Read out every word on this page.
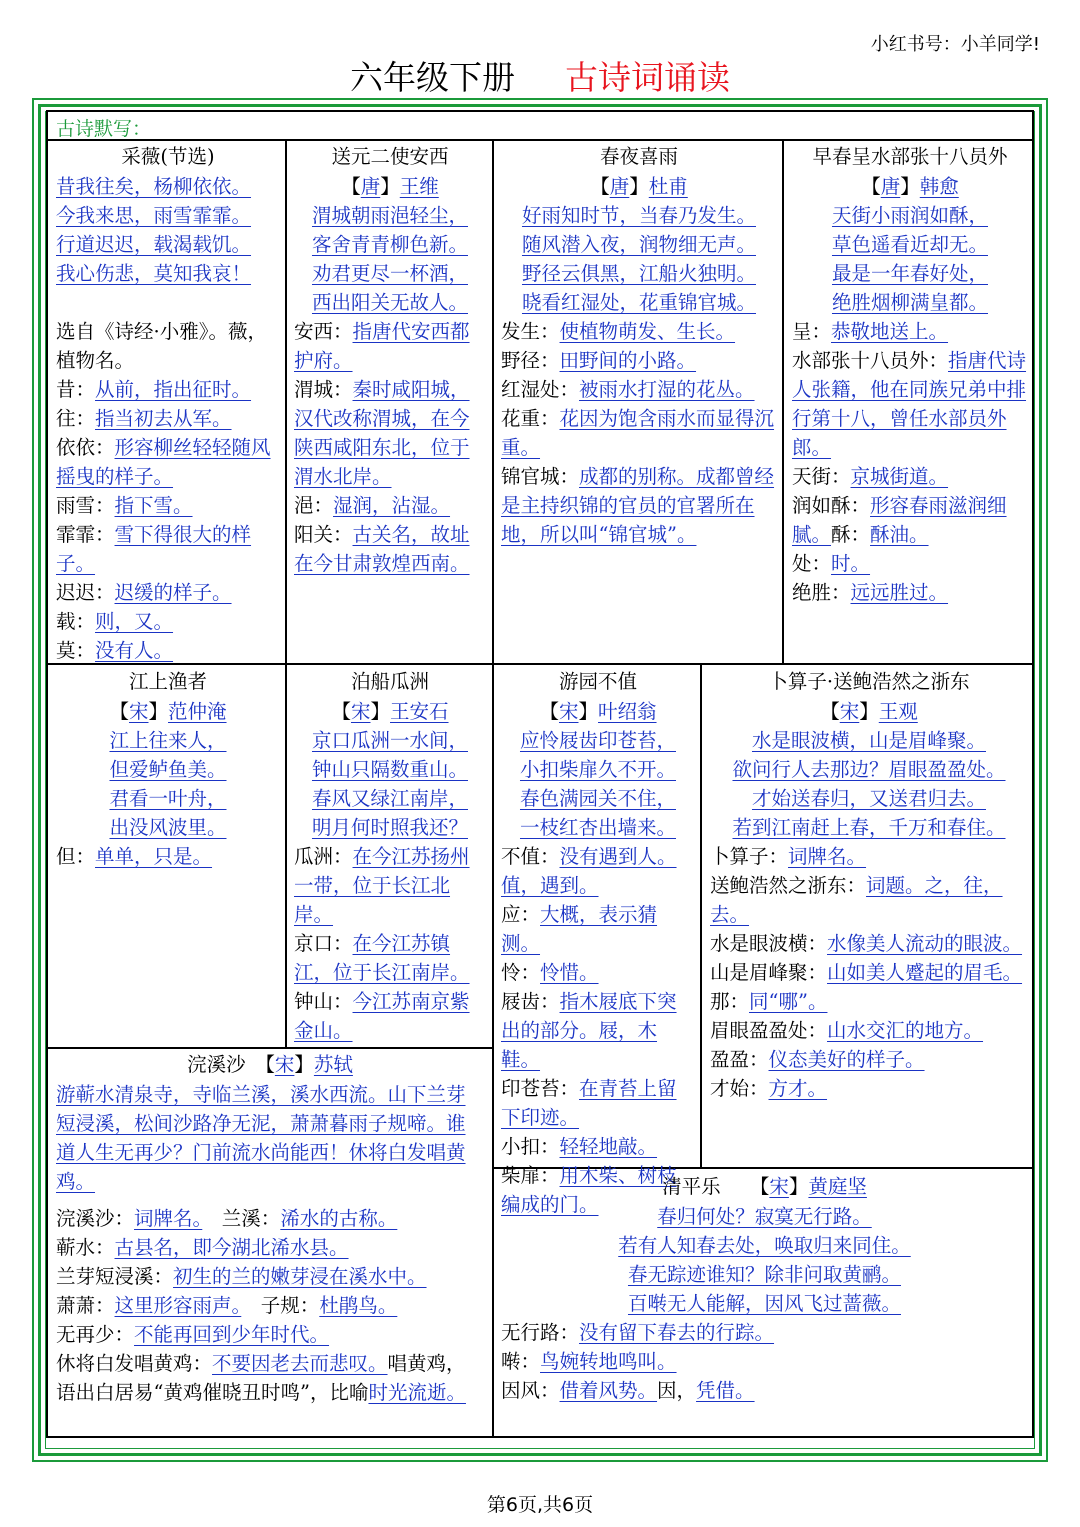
小红书号：小羊同学!
六年级下册 古诗词诵读
古诗默写：
采薇(节选)
昔我往矣，杨柳依依。
今我来思，雨雪霏霏。
行道迟迟，载渴载饥。
我心伤悲，莫知我哀！
选自《诗经·小雅》。薇，植物名。
昔：从前，指出征时。
往：指当初去从军。
依依：形容柳丝轻轻随风摇曳的样子。
雨雪：指下雪。
霏霏：雪下得很大的样子。
迟迟：迟缓的样子。
载：则，又。
莫：没有人。
送元二使安西
【唐】王维
渭城朝雨浥轻尘，
客舍青青柳色新。
劝君更尽一杯酒，
西出阳关无故人。
安西：指唐代安西都护府。
渭城：秦时咸阳城，汉代改称渭城，在今陕西咸阳东北，位于渭水北岸。
浥：湿润，沾湿。
阳关：古关名，故址在今甘肃敦煌西南。
春夜喜雨
【唐】杜甫
好雨知时节，当春乃发生。
随风潜入夜，润物细无声。
野径云俱黑，江船火独明。
晓看红湿处，花重锦官城。
发生：使植物萌发、生长。
野径：田野间的小路。
红湿处：被雨水打湿的花丛。
花重：花因为饱含雨水而显得沉重。
锦官城：成都的别称。成都曾经是主持织锦的官员的官署所在地，所以叫“锦官城”。
早春呈水部张十八员外
【唐】韩愈
天街小雨润如酥，
草色遥看近却无。
最是一年春好处，
绝胜烟柳满皇都。
呈：恭敬地送上。
水部张十八员外：指唐代诗人张籍，他在同族兄弟中排行第十八，曾任水部员外郎。
天街：京城街道。
润如酥：形容春雨滋润细腻。酥：酥油。
处：时。
绝胜：远远胜过。
江上渔者
【宋】范仲淹
江上往来人，
但爱鲈鱼美。
君看一叶舟，
出没风波里。
但：单单，只是。
泊船瓜洲
【宋】王安石
京口瓜洲一水间，
钟山只隔数重山。
春风又绿江南岸，
明月何时照我还？
瓜洲：在今江苏扬州一带，位于长江北岸。
京口：在今江苏镇江，位于长江南岸。
钟山：今江苏南京紫金山。
游园不值
【宋】叶绍翁
应怜屐齿印苍苔，
小扣柴扉久不开。
春色满园关不住，
一枝红杏出墙来。
不值：没有遇到人。值，遇到。
应：大概，表示猜测。
怜：怜惜。
屐齿：指木屐底下突出的部分。屐，木鞋。
印苍苔：在青苔上留下印迹。
小扣：轻轻地敲。
柴扉：用木柴、树枝编成的门。
卜算子·送鲍浩然之浙东
【宋】王观
水是眼波横，山是眉峰聚。
欲问行人去那边？眉眼盈盈处。
才始送春归，又送君归去。
若到江南赶上春，千万和春住。
卜算子：词牌名。
送鲍浩然之浙东：词题。之，往，去。
水是眼波横：水像美人流动的眼波。
山是眉峰聚：山如美人蹙起的眉毛。
那：同“哪”。
眉眼盈盈处：山水交汇的地方。
盈盈：仪态美好的样子。
才始：方才。
浣溪沙　 【宋】苏轼
游蕲水清泉寺，寺临兰溪，溪水西流。山下兰芽短浸溪，松间沙路净无泥，萧萧暮雨子规啼。谁道人生无再少？门前流水尚能西！休将白发唱黄鸡。
浣溪沙：词牌名。　 兰溪：浠水的古称。
蕲水：古县名，即今湖北浠水县。
兰芽短浸溪：初生的兰的嫩芽浸在溪水中。
萧萧：这里形容雨声。　 子规：杜鹃鸟。
无再少：不能再回到少年时代。
休将白发唱黄鸡：不要因老去而悲叹。唱黄鸡，语出白居易“黄鸡催晓丑时鸣”，比喻时光流逝。
清平乐　　 【宋】黄庭坚
春归何处？寂寞无行路。
若有人知春去处，唤取归来同住。
春无踪迹谁知？除非问取黄鹂。
百啭无人能解，因风飞过蔷薇。
无行路：没有留下春去的行踪。
啭：鸟婉转地鸣叫。
因风：借着风势。因，凭借。
第6页,共6页
